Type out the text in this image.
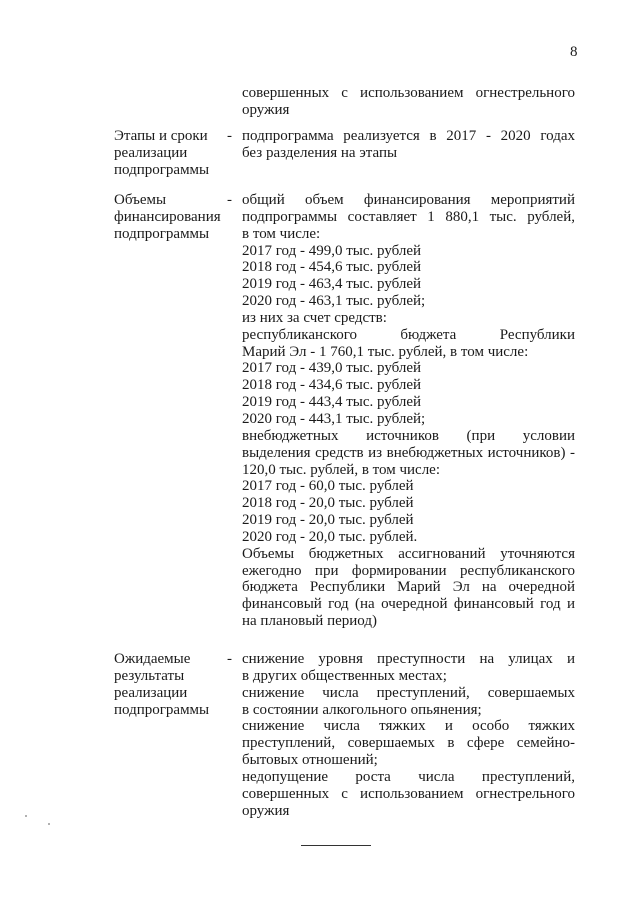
8
совершенных с использованием огнестрельного
оружия
Этапы и сроки
реализации
подпрограммы
- подпрограмма реализуется в 2017 - 2020 годах
без разделения на этапы
Объемы
финансирования
подпрограммы
- общий объем финансирования мероприятий
подпрограммы составляет 1 880,1 тыс. рублей,
в том числе:
2017 год - 499,0 тыс. рублей
2018 год - 454,6 тыс. рублей
2019 год - 463,4 тыс. рублей
2020 год - 463,1 тыс. рублей;
из них за счет средств:
республиканского бюджета Республики
Марий Эл - 1 760,1 тыс. рублей, в том числе:
2017 год - 439,0 тыс. рублей
2018 год - 434,6 тыс. рублей
2019 год - 443,4 тыс. рублей
2020 год - 443,1 тыс. рублей;
внебюджетных источников (при условии
выделения средств из внебюджетных источников) -
120,0 тыс. рублей, в том числе:
2017 год - 60,0 тыс. рублей
2018 год - 20,0 тыс. рублей
2019 год - 20,0 тыс. рублей
2020 год - 20,0 тыс. рублей.
Объемы бюджетных ассигнований уточняются
ежегодно при формировании республиканского
бюджета Республики Марий Эл на очередной
финансовый год (на очередной финансовый год и
на плановый период)
Ожидаемые
результаты
реализации
подпрограммы
- снижение уровня преступности на улицах и
в других общественных местах;
снижение числа преступлений, совершаемых
в состоянии алкогольного опьянения;
снижение числа тяжких и особо тяжких
преступлений, совершаемых в сфере семейно-
бытовых отношений;
недопущение роста числа преступлений,
совершенных с использованием огнестрельного
оружия
